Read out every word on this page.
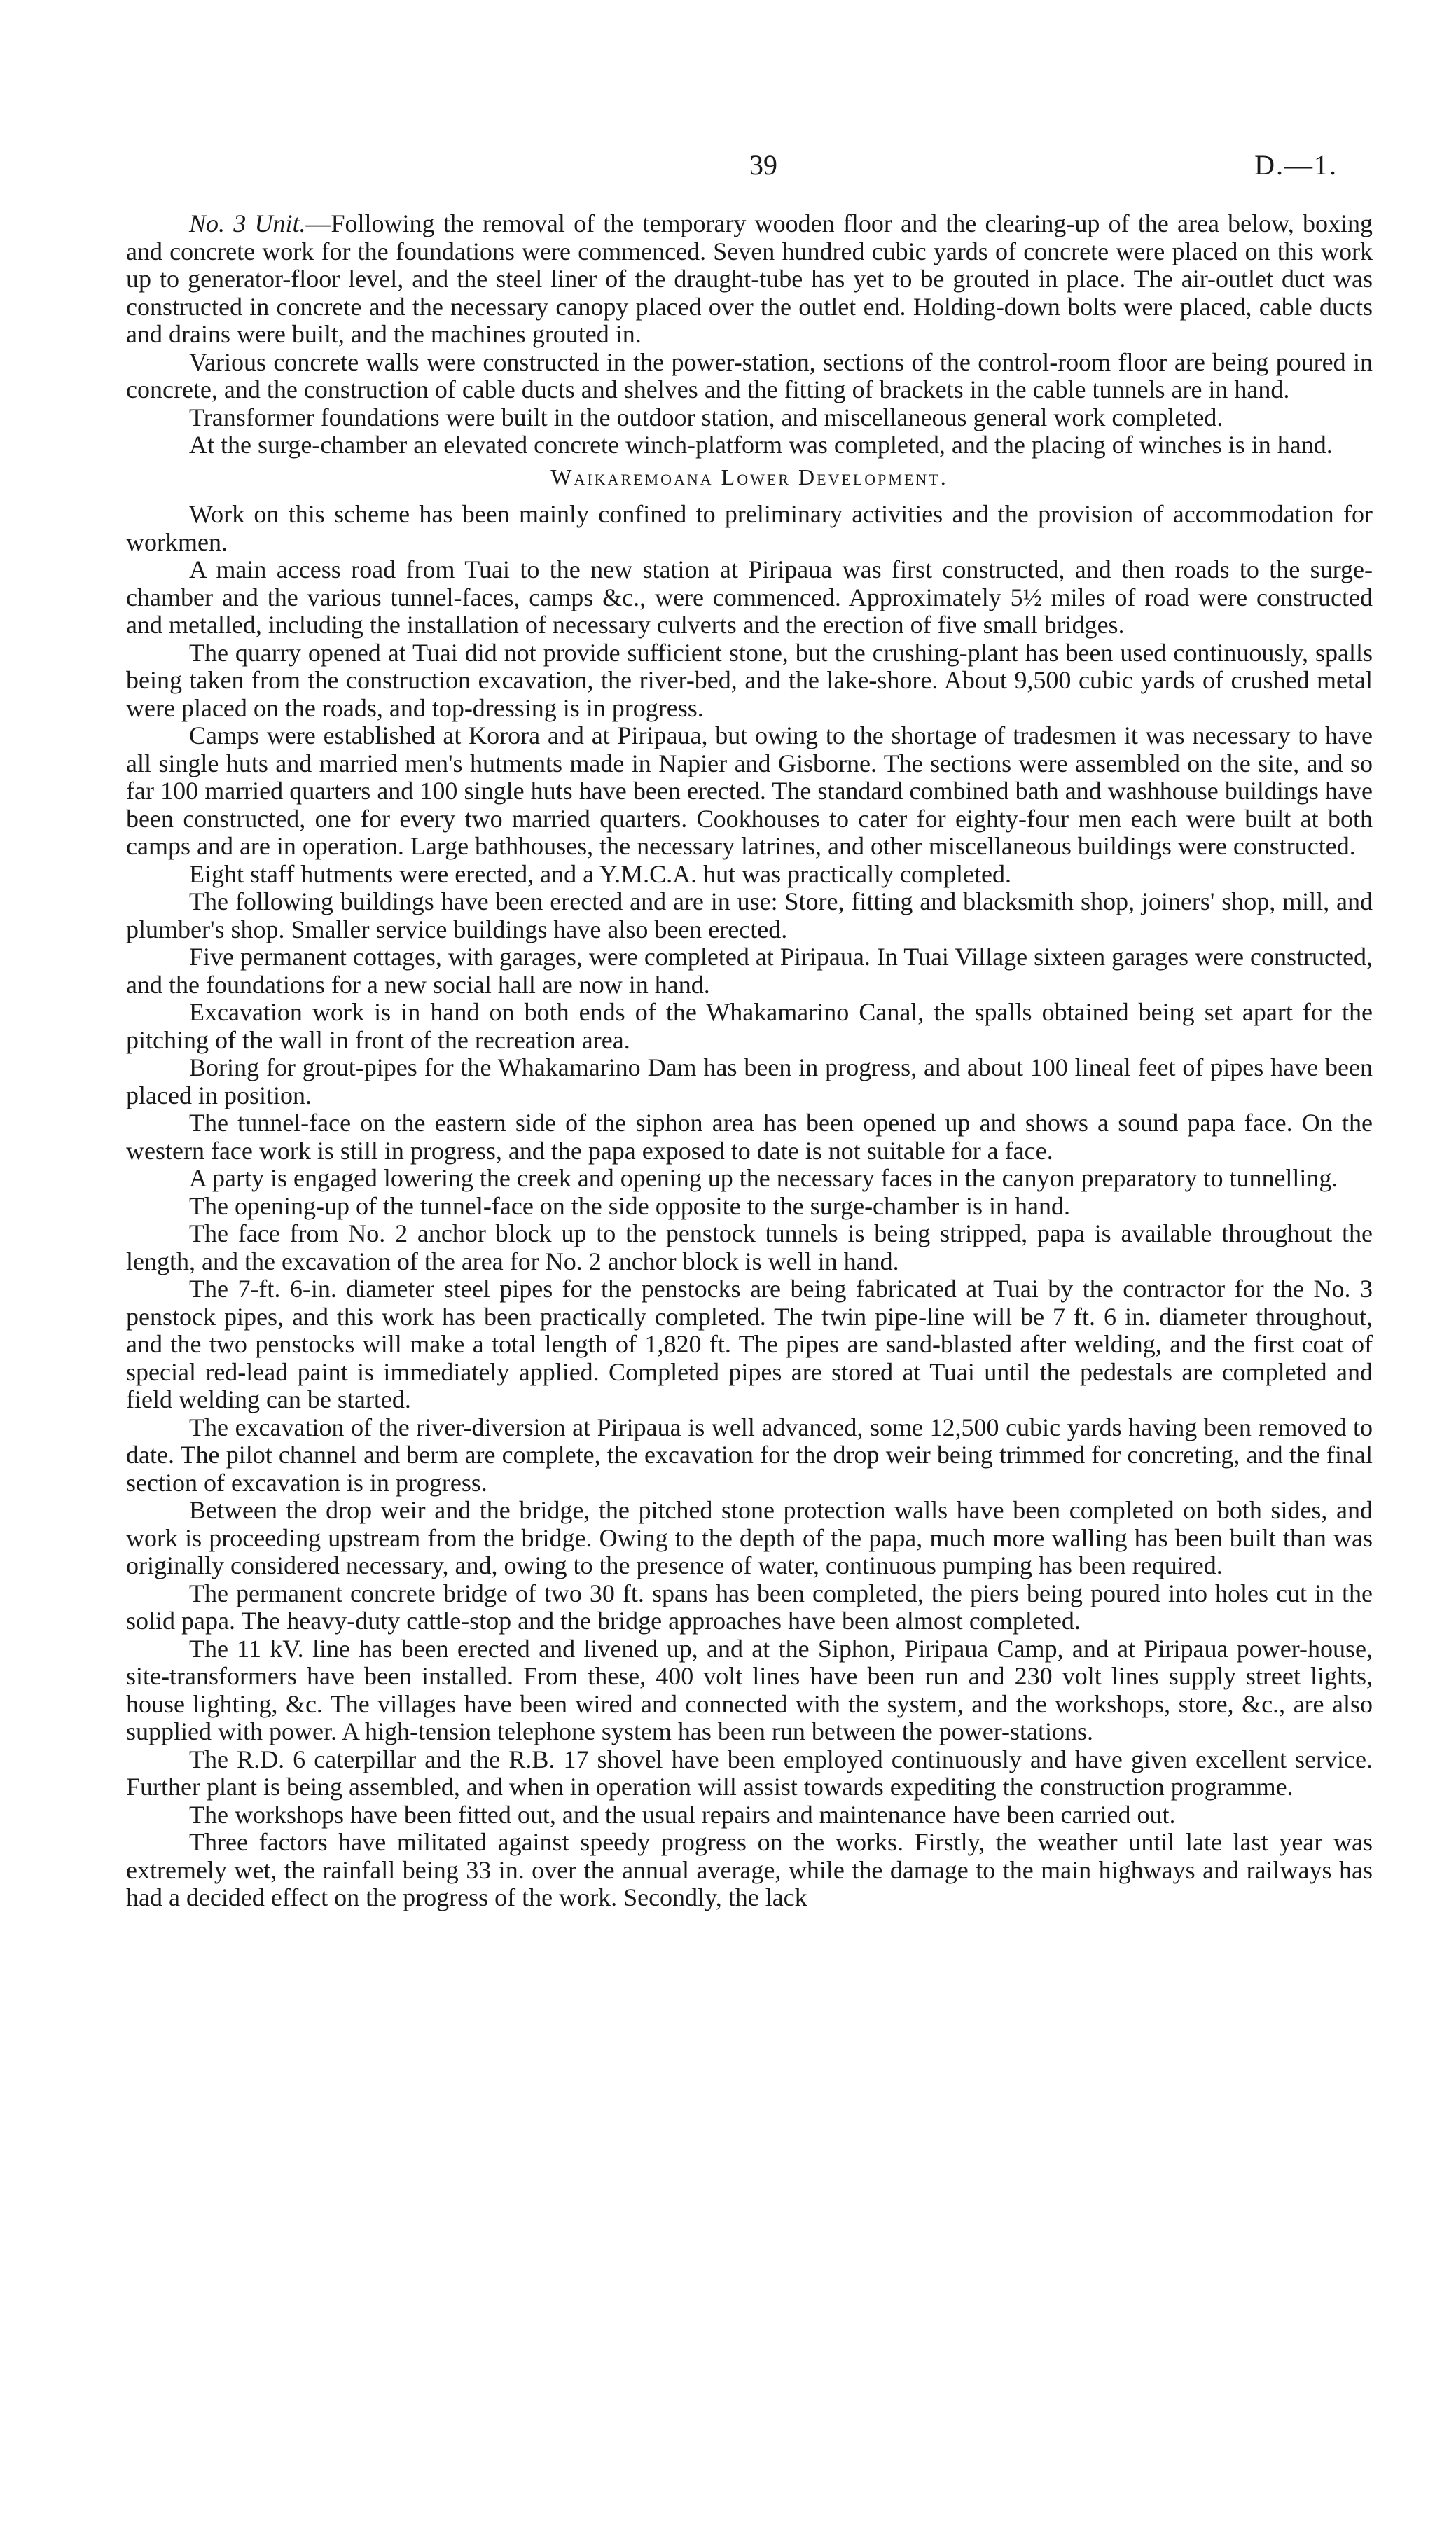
39	D.—1.

No. 3 Unit.—Following the removal of the temporary wooden floor and the clearing-up of the area below, boxing and concrete work for the foundations were commenced. Seven hundred cubic yards of concrete were placed on this work up to generator-floor level, and the steel liner of the draught-tube has yet to be grouted in place. The air-outlet duct was constructed in concrete and the necessary canopy placed over the outlet end. Holding-down bolts were placed, cable ducts and drains were built, and the machines grouted in.

Various concrete walls were constructed in the power-station, sections of the control-room floor are being poured in concrete, and the construction of cable ducts and shelves and the fitting of brackets in the cable tunnels are in hand.

Transformer foundations were built in the outdoor station, and miscellaneous general work completed.

At the surge-chamber an elevated concrete winch-platform was completed, and the placing of winches is in hand.

Waikaremoana Lower Development.

Work on this scheme has been mainly confined to preliminary activities and the provision of accommodation for workmen.

A main access road from Tuai to the new station at Piripaua was first constructed, and then roads to the surge-chamber and the various tunnel-faces, camps &c., were commenced. Approximately 5½ miles of road were constructed and metalled, including the installation of necessary culverts and the erection of five small bridges.

The quarry opened at Tuai did not provide sufficient stone, but the crushing-plant has been used continuously, spalls being taken from the construction excavation, the river-bed, and the lake-shore. About 9,500 cubic yards of crushed metal were placed on the roads, and top-dressing is in progress.

Camps were established at Korora and at Piripaua, but owing to the shortage of tradesmen it was necessary to have all single huts and married men's hutments made in Napier and Gisborne. The sections were assembled on the site, and so far 100 married quarters and 100 single huts have been erected. The standard combined bath and washhouse buildings have been constructed, one for every two married quarters. Cookhouses to cater for eighty-four men each were built at both camps and are in operation. Large bathhouses, the necessary latrines, and other miscellaneous buildings were constructed.

Eight staff hutments were erected, and a Y.M.C.A. hut was practically completed.

The following buildings have been erected and are in use: Store, fitting and blacksmith shop, joiners' shop, mill, and plumber's shop. Smaller service buildings have also been erected.

Five permanent cottages, with garages, were completed at Piripaua. In Tuai Village sixteen garages were constructed, and the foundations for a new social hall are now in hand.

Excavation work is in hand on both ends of the Whakamarino Canal, the spalls obtained being set apart for the pitching of the wall in front of the recreation area.

Boring for grout-pipes for the Whakamarino Dam has been in progress, and about 100 lineal feet of pipes have been placed in position.

The tunnel-face on the eastern side of the siphon area has been opened up and shows a sound papa face. On the western face work is still in progress, and the papa exposed to date is not suitable for a face.

A party is engaged lowering the creek and opening up the necessary faces in the canyon preparatory to tunnelling.

The opening-up of the tunnel-face on the side opposite to the surge-chamber is in hand.

The face from No. 2 anchor block up to the penstock tunnels is being stripped, papa is available throughout the length, and the excavation of the area for No. 2 anchor block is well in hand.

The 7-ft. 6-in. diameter steel pipes for the penstocks are being fabricated at Tuai by the contractor for the No. 3 penstock pipes, and this work has been practically completed. The twin pipe-line will be 7 ft. 6 in. diameter throughout, and the two penstocks will make a total length of 1,820 ft. The pipes are sand-blasted after welding, and the first coat of special red-lead paint is immediately applied. Completed pipes are stored at Tuai until the pedestals are completed and field welding can be started.

The excavation of the river-diversion at Piripaua is well advanced, some 12,500 cubic yards having been removed to date. The pilot channel and berm are complete, the excavation for the drop weir being trimmed for concreting, and the final section of excavation is in progress.

Between the drop weir and the bridge, the pitched stone protection walls have been completed on both sides, and work is proceeding upstream from the bridge. Owing to the depth of the papa, much more walling has been built than was originally considered necessary, and, owing to the presence of water, continuous pumping has been required.

The permanent concrete bridge of two 30 ft. spans has been completed, the piers being poured into holes cut in the solid papa. The heavy-duty cattle-stop and the bridge approaches have been almost completed.

The 11 kV. line has been erected and livened up, and at the Siphon, Piripaua Camp, and at Piripaua power-house, site-transformers have been installed. From these, 400 volt lines have been run and 230 volt lines supply street lights, house lighting, &c. The villages have been wired and connected with the system, and the workshops, store, &c., are also supplied with power. A high-tension telephone system has been run between the power-stations.

The R.D. 6 caterpillar and the R.B. 17 shovel have been employed continuously and have given excellent service. Further plant is being assembled, and when in operation will assist towards expediting the construction programme.

The workshops have been fitted out, and the usual repairs and maintenance have been carried out.

Three factors have militated against speedy progress on the works. Firstly, the weather until late last year was extremely wet, the rainfall being 33 in. over the annual average, while the damage to the main highways and railways has had a decided effect on the progress of the work. Secondly, the lack
